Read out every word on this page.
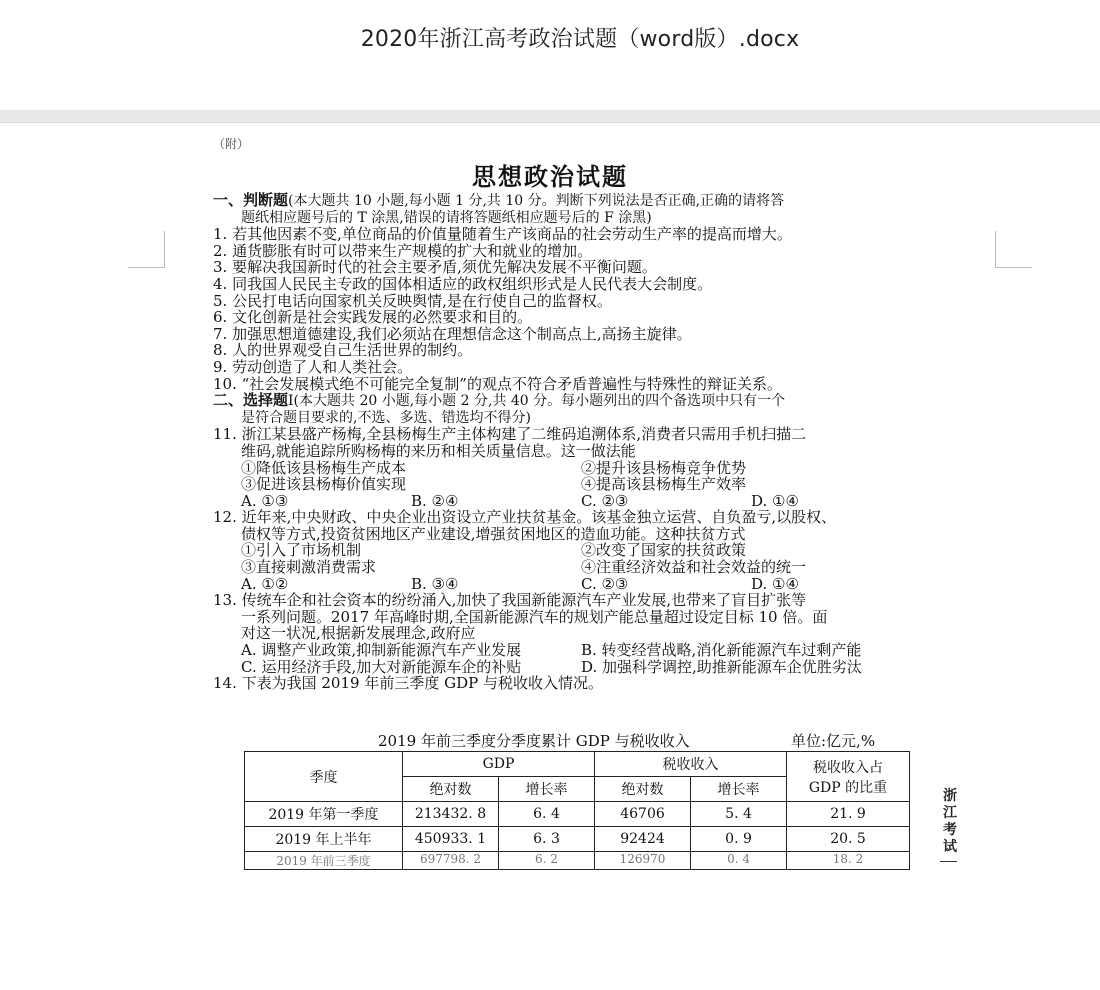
2020年浙江高考政治试题（word版）.docx
（附）
思想政治试题
一、判断题(本大题共 10 小题,每小题 1 分,共 10 分。判断下列说法是否正确,正确的请将答
题纸相应题号后的 T 涂黑,错误的请将答题纸相应题号后的 F 涂黑)
1. 若其他因素不变,单位商品的价值量随着生产该商品的社会劳动生产率的提高而增大。
2. 通货膨胀有时可以带来生产规模的扩大和就业的增加。
3. 要解决我国新时代的社会主要矛盾,须优先解决发展不平衡问题。
4. 同我国人民民主专政的国体相适应的政权组织形式是人民代表大会制度。
5. 公民打电话向国家机关反映舆情,是在行使自己的监督权。
6. 文化创新是社会实践发展的必然要求和目的。
7. 加强思想道德建设,我们必须站在理想信念这个制高点上,高扬主旋律。
8. 人的世界观受自己生活世界的制约。
9. 劳动创造了人和人类社会。
10. “社会发展模式绝不可能完全复制”的观点不符合矛盾普遍性与特殊性的辩证关系。
二、选择题Ⅰ(本大题共 20 小题,每小题 2 分,共 40 分。每小题列出的四个备选项中只有一个
是符合题目要求的,不选、多选、错选均不得分)
11. 浙江某县盛产杨梅,全县杨梅生产主体构建了二维码追溯体系,消费者只需用手机扫描二
维码,就能追踪所购杨梅的来历和相关质量信息。这一做法能
①降低该县杨梅生产成本	②提升该县杨梅竞争优势
③促进该县杨梅价值实现	④提高该县杨梅生产效率
A. ①③	B. ②④	C. ②③	D. ①④
12. 近年来,中央财政、中央企业出资设立产业扶贫基金。该基金独立运营、自负盈亏,以股权、
债权等方式,投资贫困地区产业建设,增强贫困地区的造血功能。这种扶贫方式
①引入了市场机制	②改变了国家的扶贫政策
③直接刺激消费需求	④注重经济效益和社会效益的统一
A. ①②	B. ③④	C. ②③	D. ①④
13. 传统车企和社会资本的纷纷涌入,加快了我国新能源汽车产业发展,也带来了盲目扩张等
一系列问题。2017 年高峰时期,全国新能源汽车的规划产能总量超过设定目标 10 倍。面
对这一状况,根据新发展理念,政府应
A. 调整产业政策,抑制新能源汽车产业发展	B. 转变经营战略,消化新能源汽车过剩产能
C. 运用经济手段,加大对新能源车企的补贴	D. 加强科学调控,助推新能源车企优胜劣汰
14. 下表为我国 2019 年前三季度 GDP 与税收收入情况。
2019 年前三季度分季度累计 GDP 与税收收入	单位:亿元,%
季度	GDP		税收收入		税收收入占
GDP 的比重
	绝对数	增长率	绝对数	增长率	
2019 年第一季度	213432. 8	6. 4	46706	5. 4	21. 9
2019 年上半年	450933. 1	6. 3	92424	0. 9	20. 5
2019 年前三季度	697798. 2	6. 2	126970	0. 4	18. 2
浙
江
考
试
